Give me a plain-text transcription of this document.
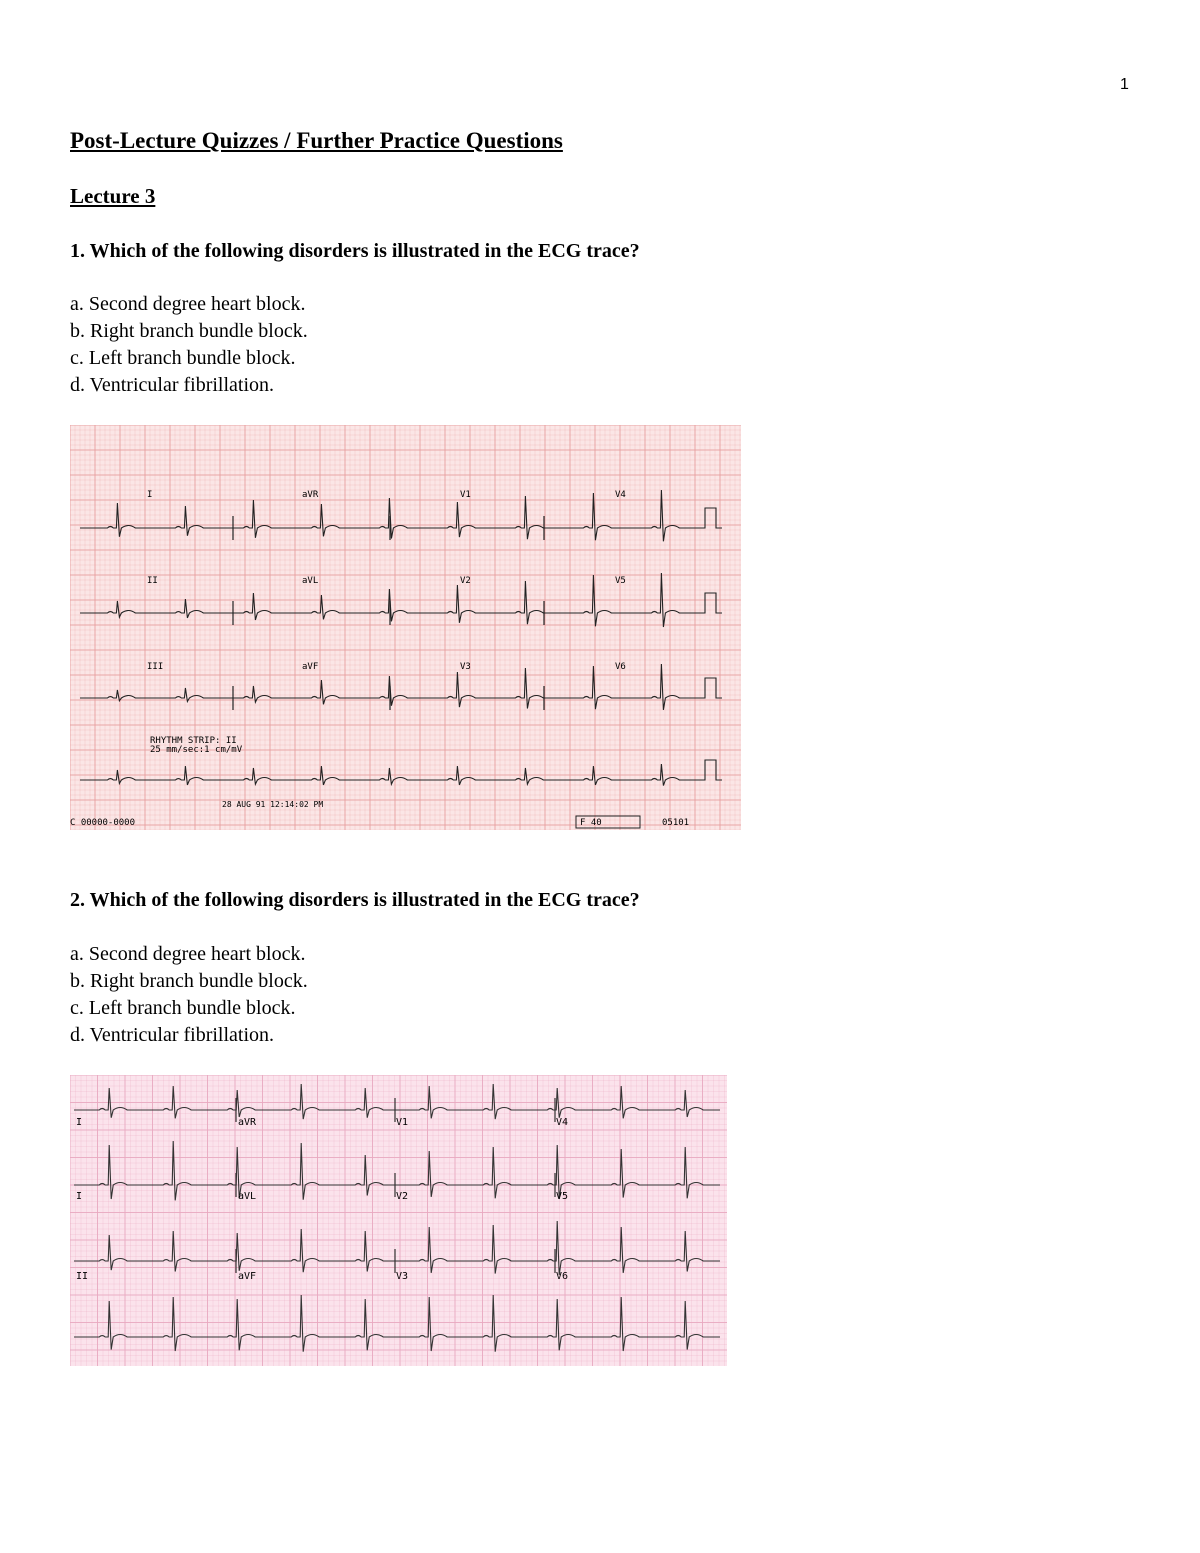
1
Post-Lecture Quizzes / Further Practice Questions
Lecture 3

1. Which of the following disorders is illustrated in the ECG trace?

a. Second degree heart block.
b. Right branch bundle block.
c. Left branch bundle block.
d. Ventricular fibrillation.
I	aVR	V1	V4
II	aVL	V2	V5
III	aVF	V3	V6
RHYTHM STRIP: II
25 mm/sec:1 cm/mV
28 AUG 91 12:14:02 PM
C 00000-0000	F 40	05101

2. Which of the following disorders is illustrated in the ECG trace?

a. Second degree heart block.
b. Right branch bundle block.
c. Left branch bundle block.
d. Ventricular fibrillation.
I	aVR	V1	V4
I	aVL	V2	V5
II	aVF	V3	V6
